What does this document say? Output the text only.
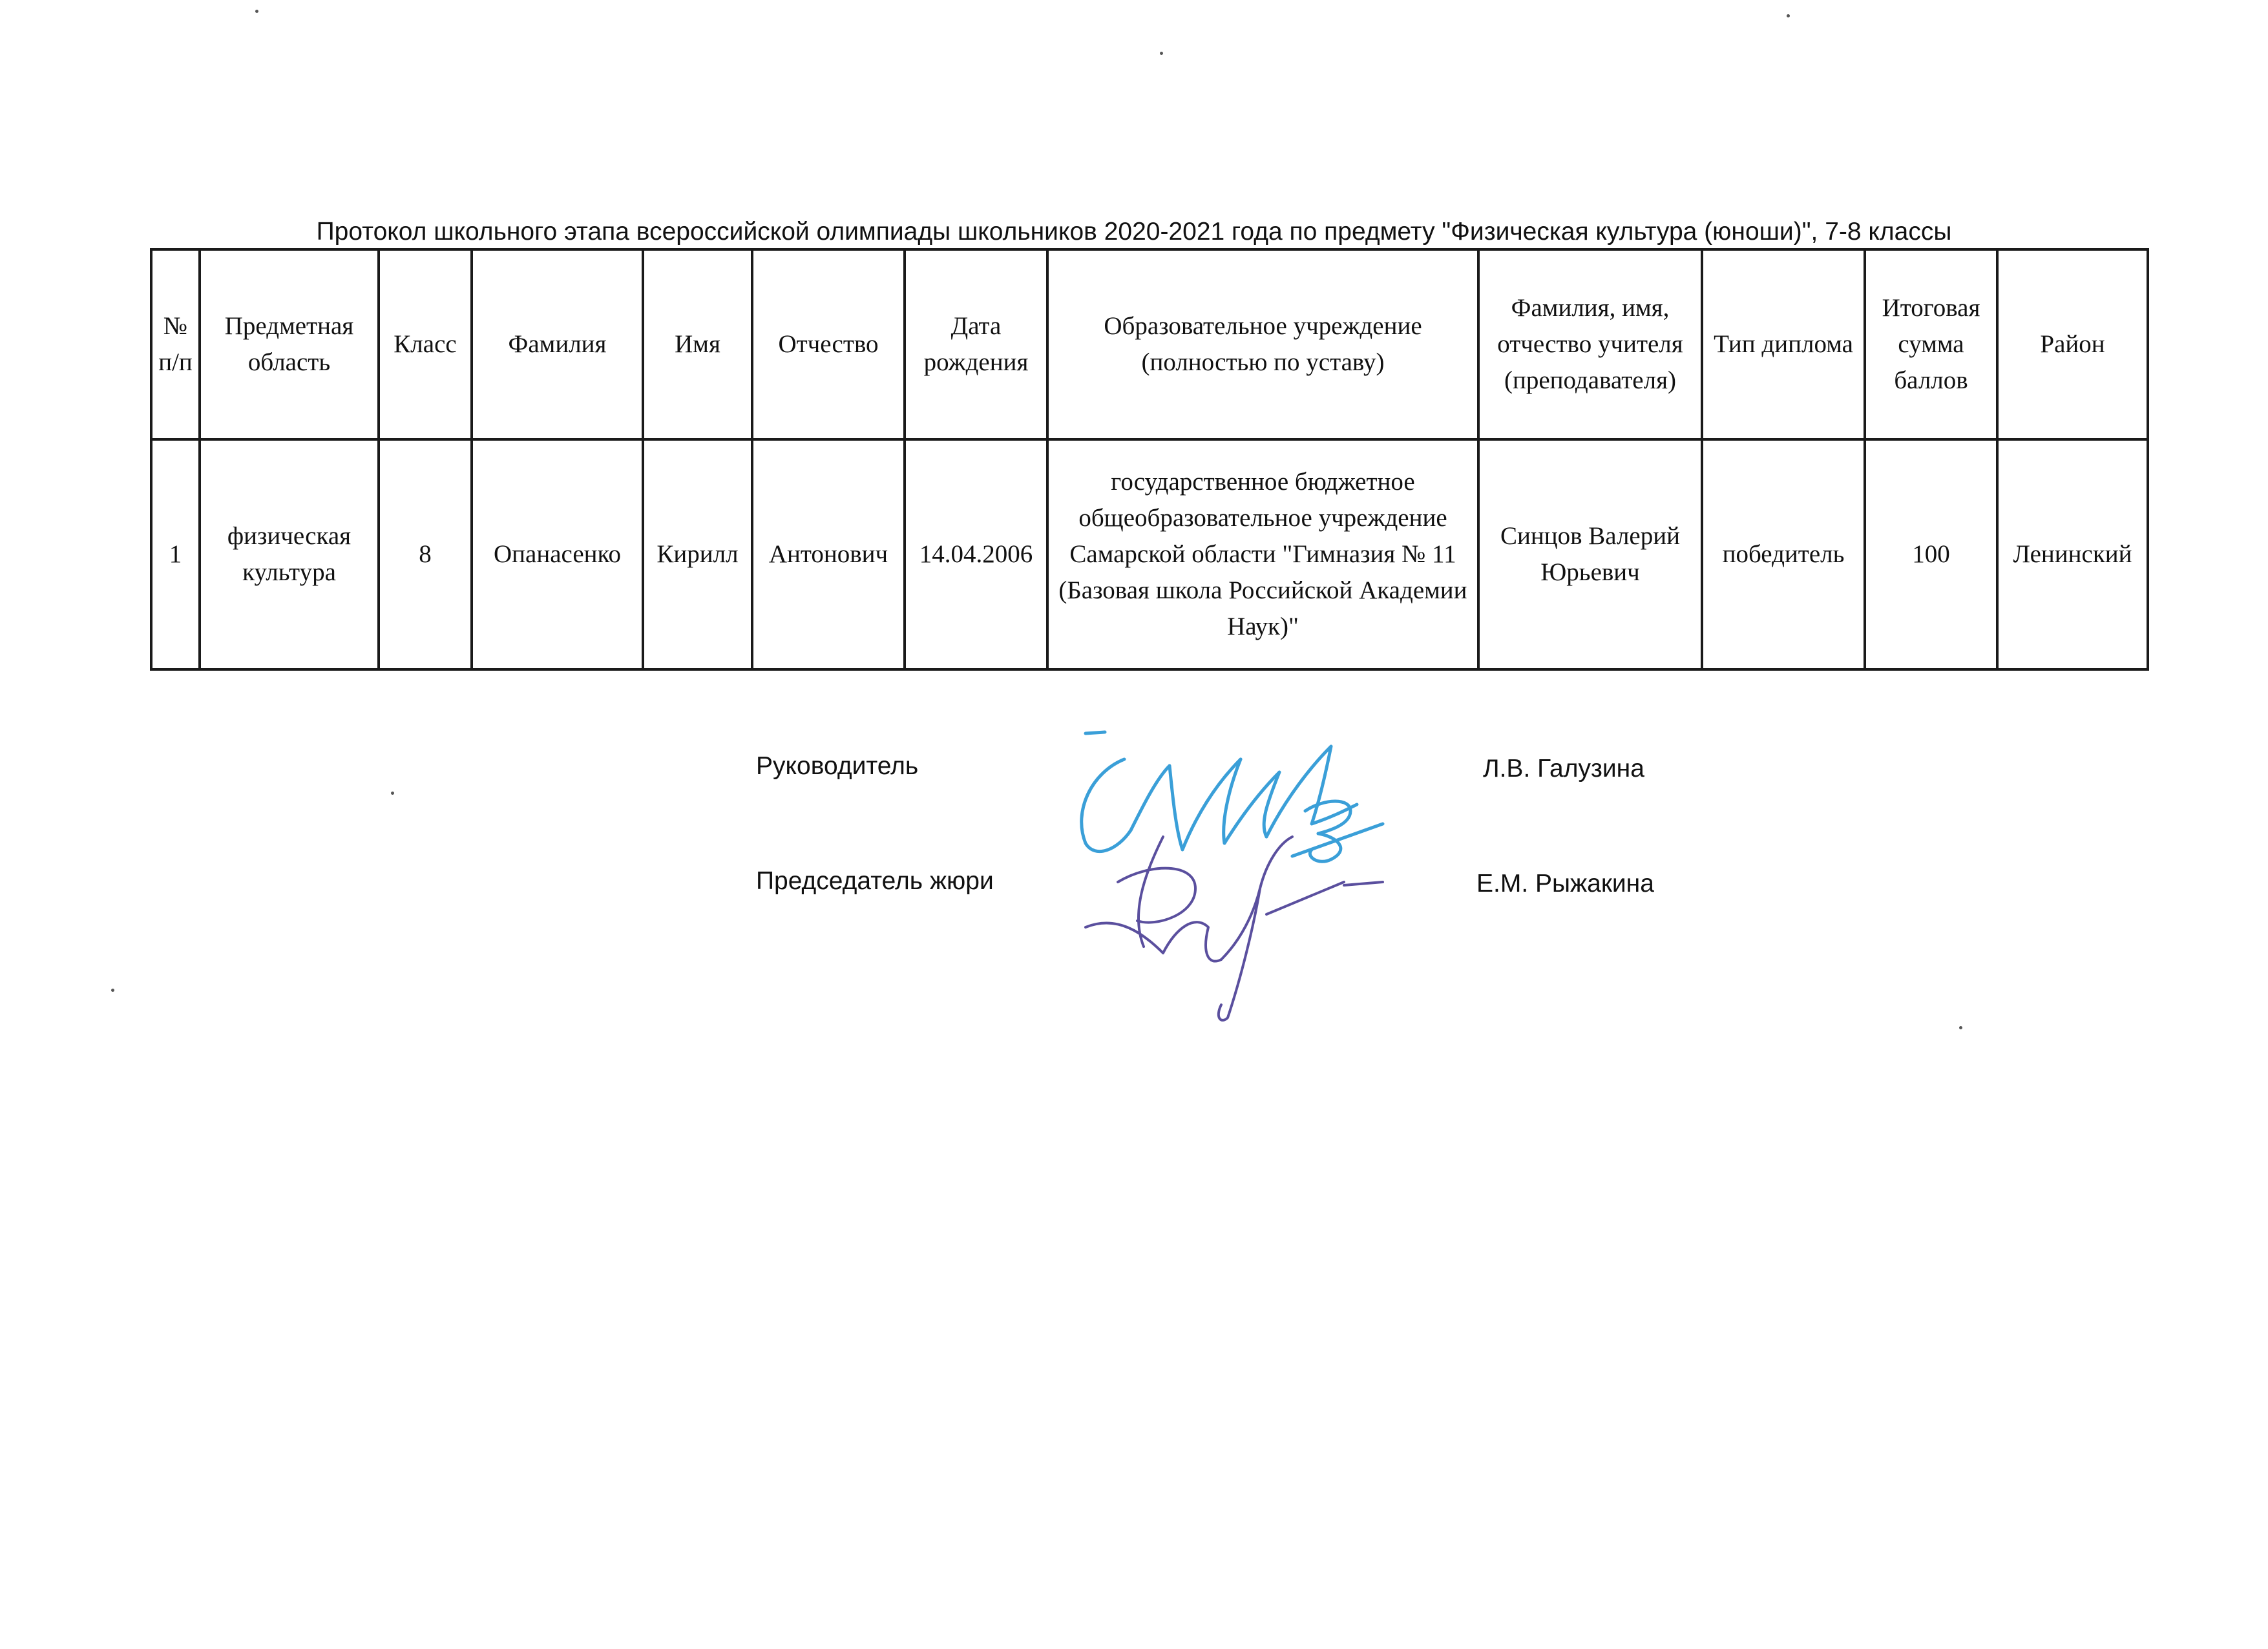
Протокол школьного этапа всероссийской олимпиады школьников 2020-2021 года по предмету "Физическая культура (юноши)", 7-8 классы
№ п/п	Предметная область	Класс	Фамилия	Имя	Отчество	Дата рождения	Образовательное учреждение (полностью по уставу)	Фамилия, имя, отчество учителя (преподавателя)	Тип диплома	Итоговая сумма баллов	Район
1	физическая культура	8	Опанасенко	Кирилл	Антонович	14.04.2006	государственное бюджетное общеобразовательное учреждение Самарской области "Гимназия № 11 (Базовая школа Российской Академии Наук)"	Синцов Валерий Юрьевич	победитель	100	Ленинский
Руководитель	Л.В. Галузина
Председатель жюри	Е.М. Рыжакина
